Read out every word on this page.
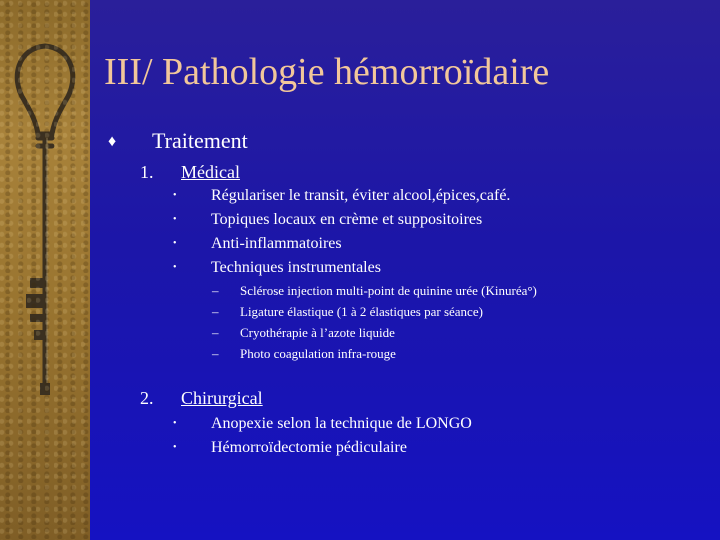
III/ Pathologie hémorroïdaire
♦ Traitement
1. Médical
• Régulariser le transit, éviter alcool,épices,café.
• Topiques locaux en crème et suppositoires
• Anti-inflammatoires
• Techniques instrumentales
– Sclérose injection multi-point de quinine urée (Kinuréa°)
– Ligature élastique (1 à 2 élastiques par séance)
– Cryothérapie à l’azote liquide
– Photo coagulation infra-rouge
2. Chirurgical
• Anopexie selon la technique de LONGO
• Hémorroïdectomie pédiculaire
